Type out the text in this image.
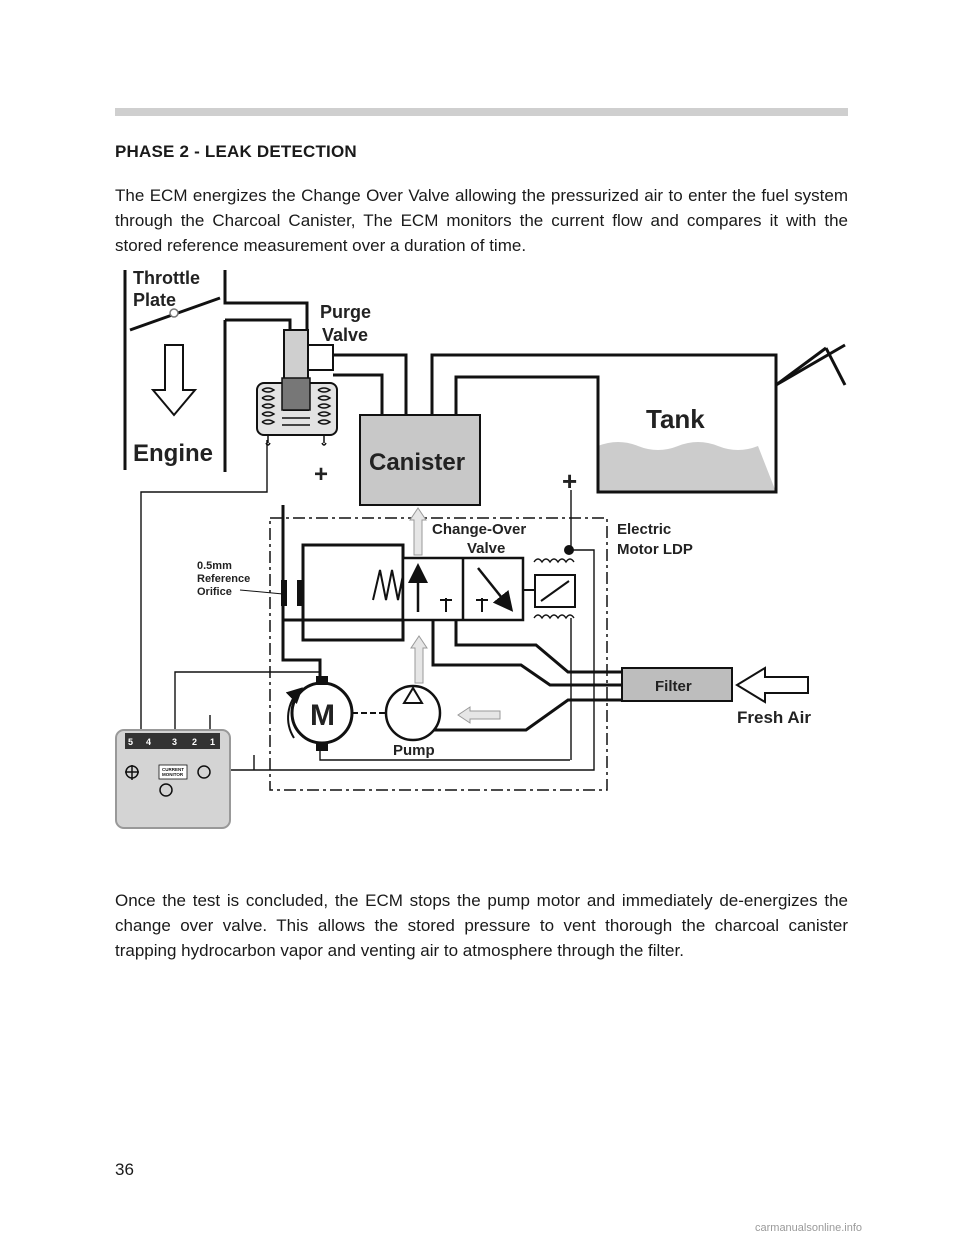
PHASE 2 - LEAK DETECTION
The ECM energizes the Change Over Valve allowing the pressurized air to enter the fuel system through the Charcoal Canister, The ECM monitors the current flow and compares it with the stored reference measurement over a duration of time.
Throttle
Plate
Engine
Purge
Valve
Tank
Canister
+	+
Change-Over
Valve
Electric
Motor LDP
0.5mm
Reference
Orifice
Filter
Fresh Air
M
Pump
5 4 3 2 1
CURRENT
MONITOR
Once the test is concluded, the ECM stops the pump motor and immediately de-energizes the change over valve. This allows the stored pressure to vent thorough the charcoal canister trapping hydrocarbon vapor and venting air to atmosphere through the filter.
36
carmanualsonline.info
